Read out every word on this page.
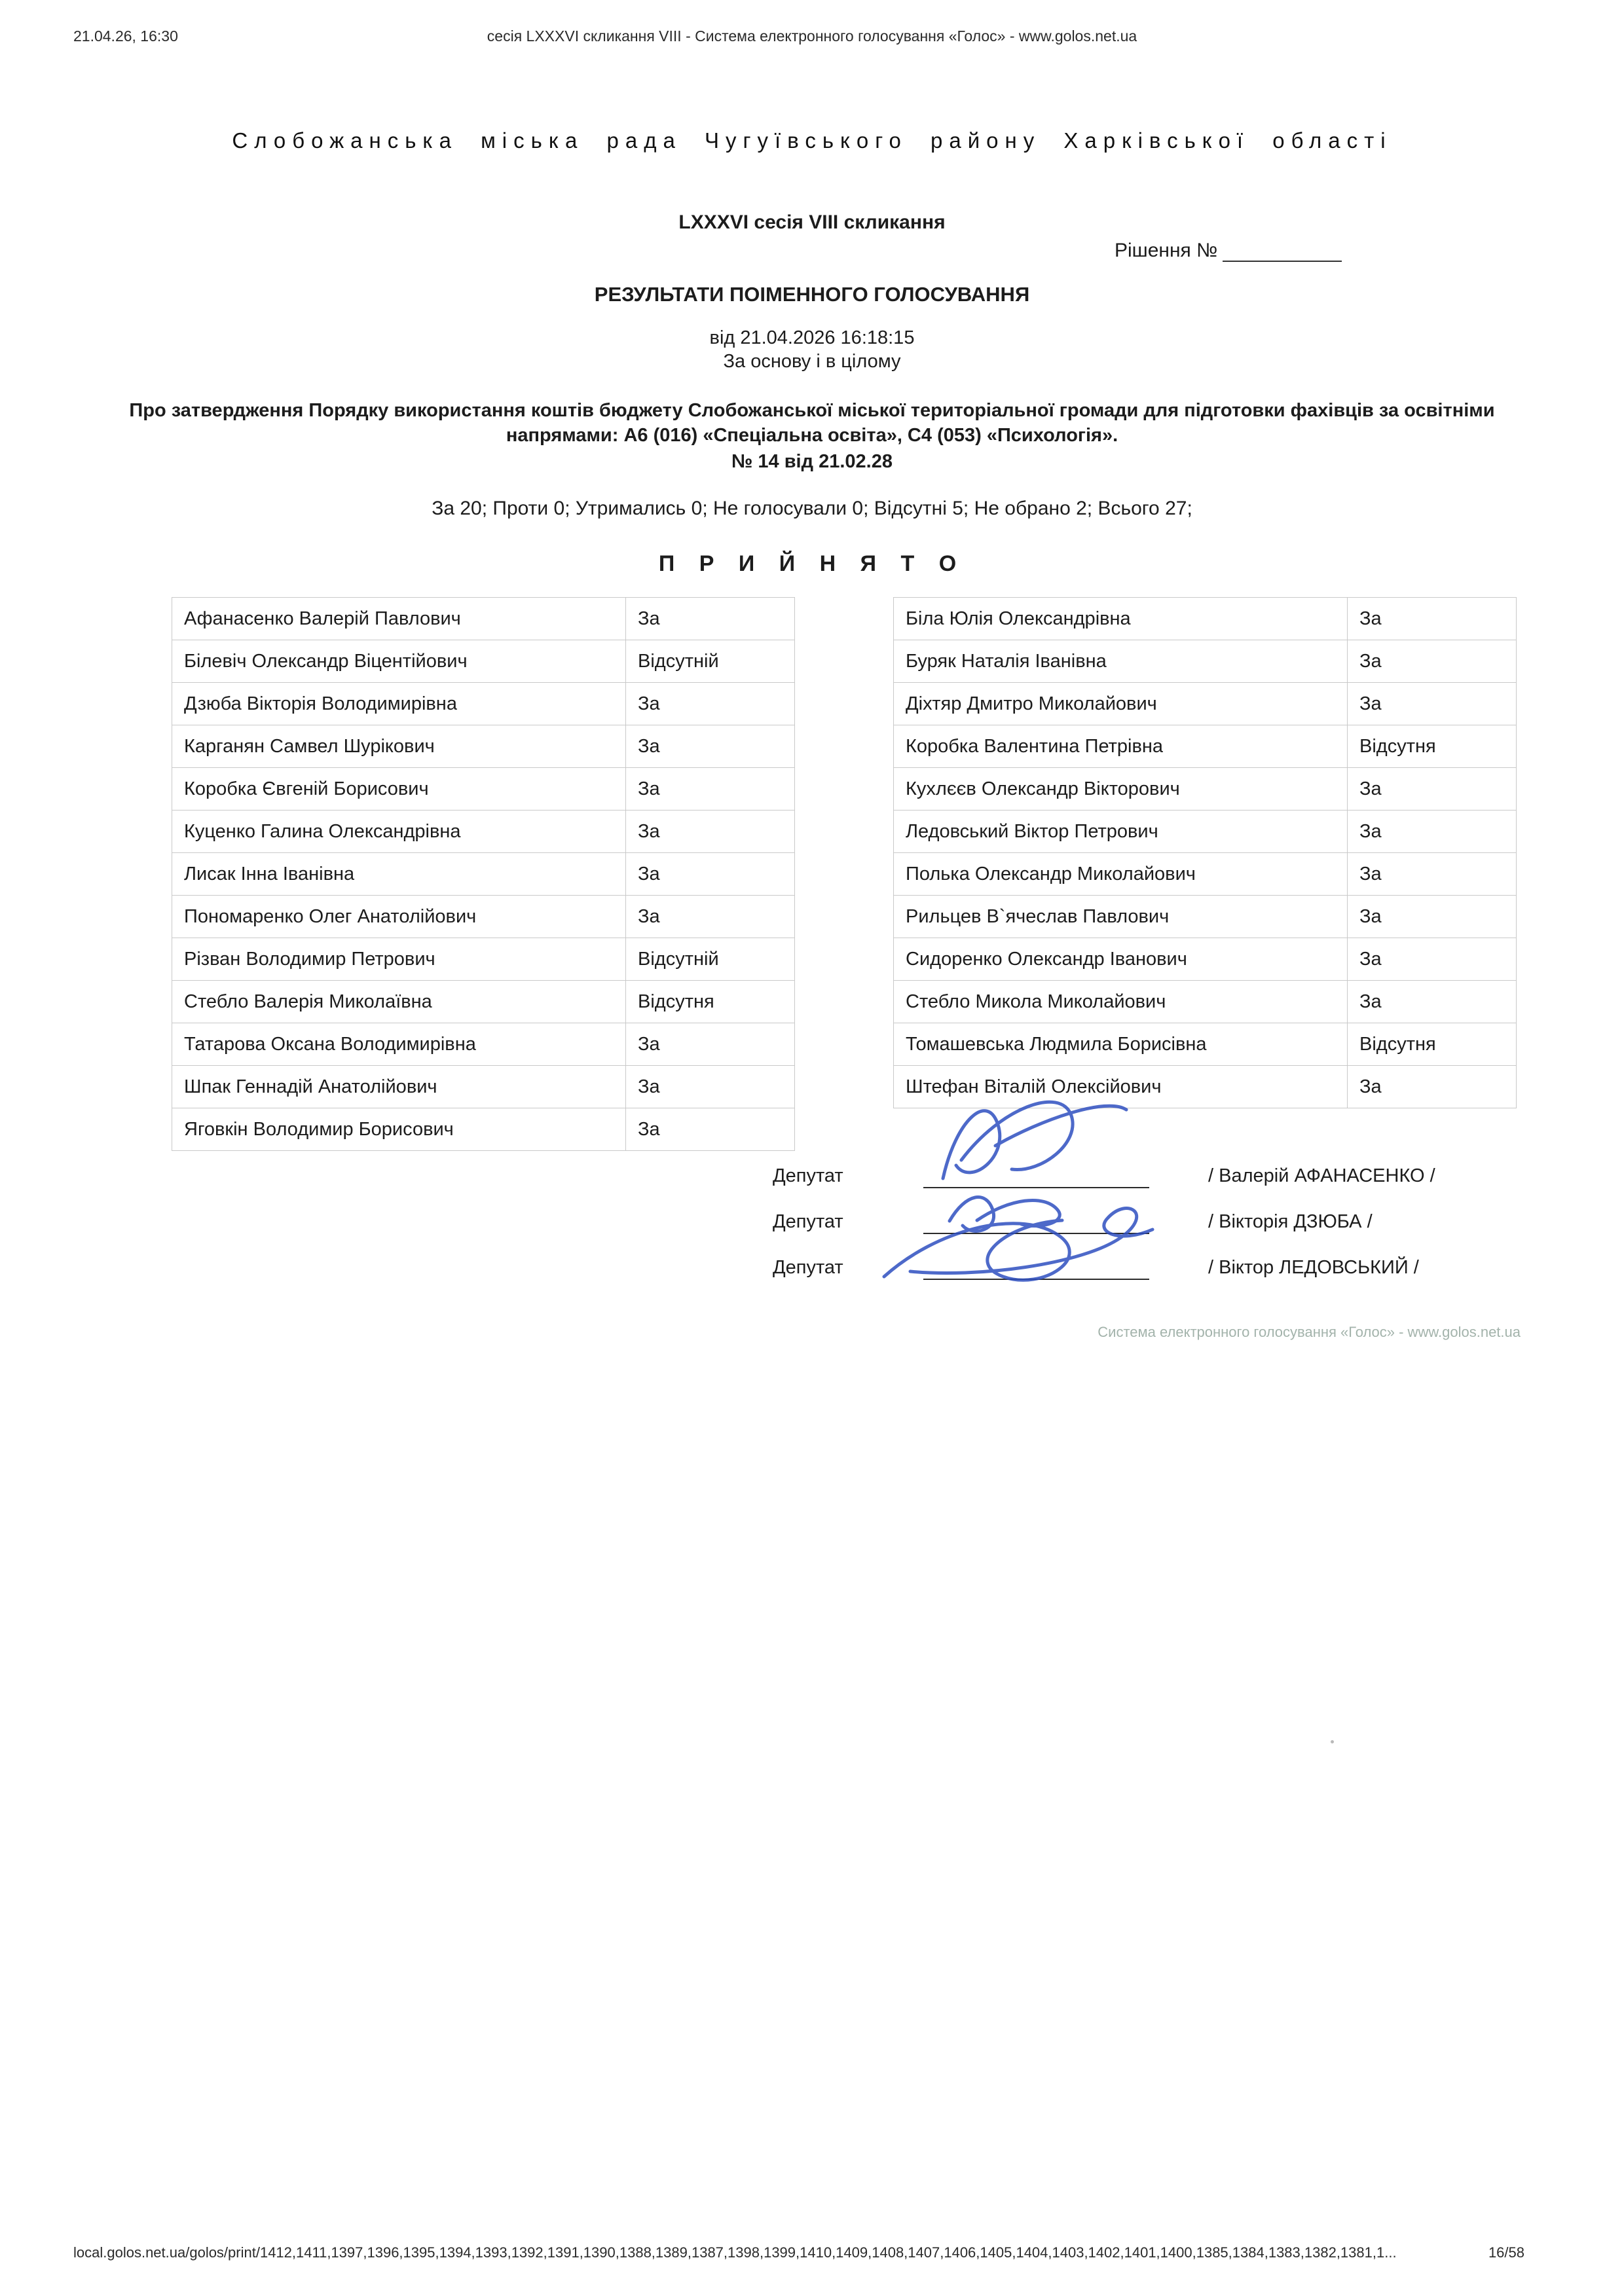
21.04.26, 16:30	сесія LXXXVI скликання VIII - Система електронного голосування «Голос» - www.golos.net.ua
Слобожанська міська рада Чугуївського району Харківської області
LXXXVI сесія VIII скликання
Рішення №
РЕЗУЛЬТАТИ ПОІМЕННОГО ГОЛОСУВАННЯ
від 21.04.2026 16:18:15
За основу і в цілому
Про затвердження Порядку використання коштів бюджету Слобожанської міської територіальної громади для підготовки фахівців за освітніми напрямами: А6 (016) «Спеціальна освіта», С4 (053) «Психологія».
№ 14 від 21.02.28
За 20; Проти 0; Утримались 0; Не голосували 0; Відсутні 5; Не обрано 2; Всього 27;
П Р И Й Н Я Т О
Афанасенко Валерій Павлович	За
Білевіч Олександр Віцентійович	Відсутній
Дзюба Вікторія Володимирівна	За
Карганян Самвел Шурікович	За
Коробка Євгеній Борисович	За
Куценко Галина Олександрівна	За
Лисак Інна Іванівна	За
Пономаренко Олег Анатолійович	За
Різван Володимир Петрович	Відсутній
Стебло Валерія Миколаївна	Відсутня
Татарова Оксана Володимирівна	За
Шпак Геннадій Анатолійович	За
Яговкін Володимир Борисович	За
Біла Юлія Олександрівна	За
Буряк Наталія Іванівна	За
Діхтяр Дмитро Миколайович	За
Коробка Валентина Петрівна	Відсутня
Кухлєєв Олександр Вікторович	За
Ледовський Віктор Петрович	За
Полька Олександр Миколайович	За
Рильцев В`ячеслав Павлович	За
Сидоренко Олександр Іванович	За
Стебло Микола Миколайович	За
Томашевська Людмила Борисівна	Відсутня
Штефан Віталій Олексійович	За
Депутат	/ Валерій АФАНАСЕНКО /
Депутат	/ Вікторія ДЗЮБА /
Депутат	/ Віктор ЛЕДОВСЬКИЙ /
Система електронного голосування «Голос» - www.golos.net.ua
local.golos.net.ua/golos/print/1412,1411,1397,1396,1395,1394,1393,1392,1391,1390,1388,1389,1387,1398,1399,1410,1409,1408,1407,1406,1405,1404,1403,1402,1401,1400,1385,1384,1383,1382,1381,1...	16/58
